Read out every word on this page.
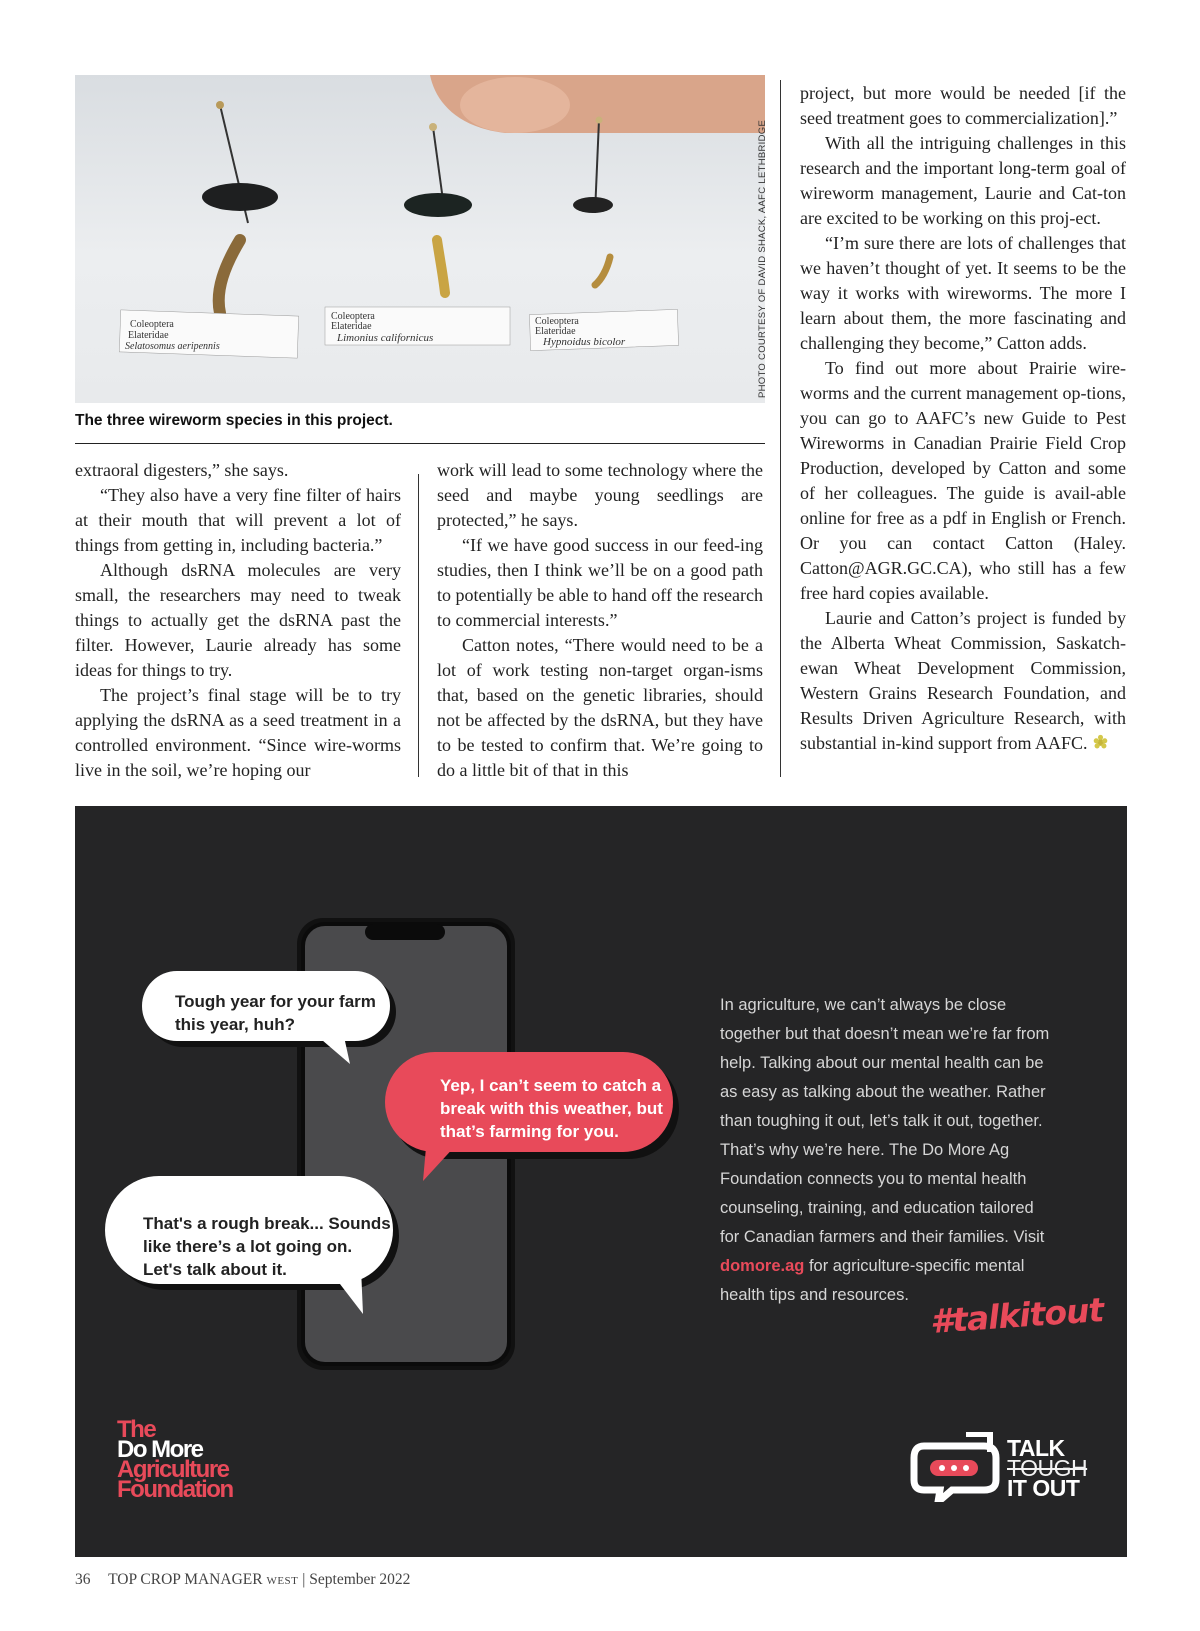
Coleoptera
Elateridae
Selatosomus aeripennis
Coleoptera
Elateridae
Limonius californicus
Coleoptera
Elateridae
Hypnoidus bicolor	PHOTO COURTESY OF DAVID SHACK, AAFC LETHBRIDGE
The three wireworm species in this project.

extraoral digesters,” she says.

“They also have a very fine filter of hairs at their mouth that will prevent a lot of things from getting in, including bacteria.”

Although dsRNA molecules are very small, the researchers may need to tweak things to actually get the dsRNA past the filter. However, Laurie already has some ideas for things to try.

The project’s final stage will be to try applying the dsRNA as a seed treatment in a controlled environment. “Since wire-worms live in the soil, we’re hoping our

work will lead to some technology where the seed and maybe young seedlings are protected,” he says.

“If we have good success in our feed-ing studies, then I think we’ll be on a good path to potentially be able to hand off the research to commercial interests.”

Catton notes, “There would need to be a lot of work testing non-target organ-isms that, based on the genetic libraries, should not be affected by the dsRNA, but they have to be tested to confirm that. We’re going to do a little bit of that in this

project, but more would be needed [if the seed treatment goes to commercialization].”

With all the intriguing challenges in this research and the important long-term goal of wireworm management, Laurie and Cat-ton are excited to be working on this proj-ect.

“I’m sure there are lots of challenges that we haven’t thought of yet. It seems to be the way it works with wireworms. The more I learn about them, the more fascinating and challenging they become,” Catton adds.

To find out more about Prairie wire-worms and the current management op-tions, you can go to AAFC’s new Guide to Pest Wireworms in Canadian Prairie Field Crop Production, developed by Catton and some of her colleagues. The guide is avail-able online for free as a pdf in English or French. Or you can contact Catton (Haley. Catton@AGR.GC.CA), who still has a few free hard copies available.

Laurie and Catton’s project is funded by the Alberta Wheat Commission, Saskatch-ewan Wheat Development Commission, Western Grains Research Foundation, and Results Driven Agriculture Research, with substantial in-kind support from AAFC.

Tough year for your farm this year, huh?
Yep, I can’t seem to catch a break with this weather, but that’s farming for you.
That's a rough break... Sounds like there’s a lot going on. Let's talk about it.
In agriculture, we can’t always be close together but that doesn’t mean we’re far from help. Talking about our mental health can be as easy as talking about the weather. Rather than toughing it out, let’s talk it out, together. That’s why we’re here. The Do More Ag Foundation connects you to mental health counseling, training, and education tailored for Canadian farmers and their families. Visit domore.ag for agriculture-specific mental health tips and resources. #talkitout
The
Do More
Agriculture
Foundation
TALK
TOUGH
IT OUT
36 TOP CROP MANAGER WEST | September 2022
